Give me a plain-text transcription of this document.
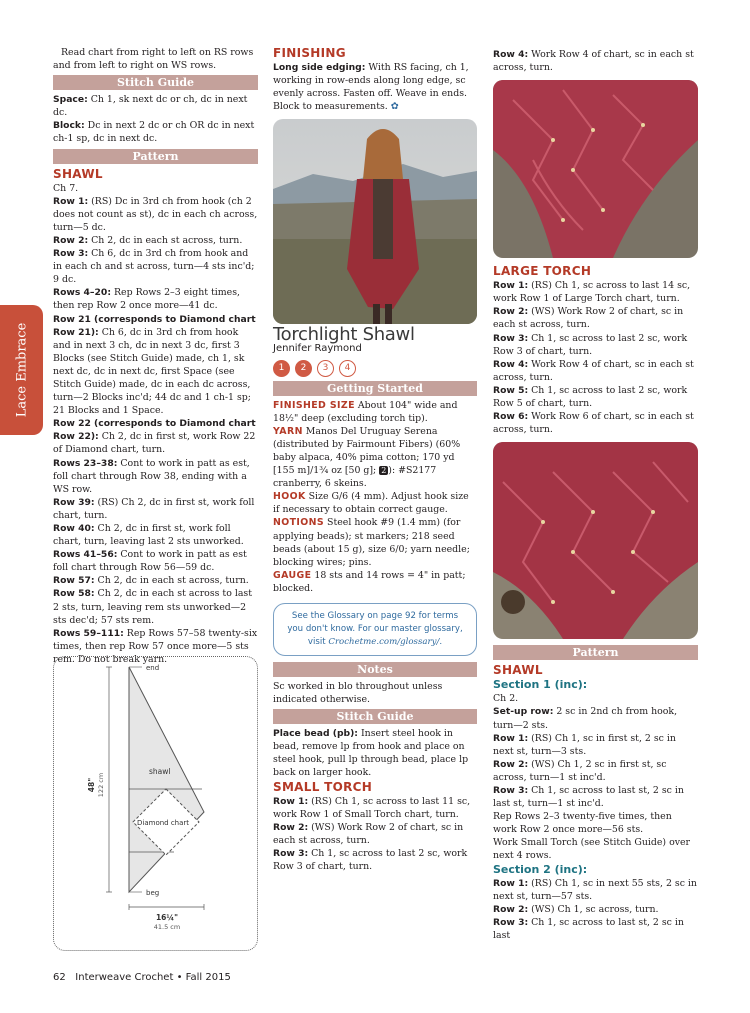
Lace Embrace

Read chart from right to left on RS rows and from left to right on WS rows.

Stitch Guide

Space: Ch 1, sk next dc or ch, dc in next dc.

Block: Dc in next 2 dc or ch OR dc in next ch-1 sp, dc in next dc.

Pattern
SHAWL

Ch 7.

Row 1: (RS) Dc in 3rd ch from hook (ch 2 does not count as st), dc in each ch across, turn—5 dc.

Row 2: Ch 2, dc in each st across, turn.

Row 3: Ch 6, dc in 3rd ch from hook and in each ch and st across, turn—4 sts inc'd; 9 dc.

Rows 4–20: Rep Rows 2–3 eight times, then rep Row 2 once more—41 dc.

Row 21 (corresponds to Diamond chart Row 21): Ch 6, dc in 3rd ch from hook and in next 3 ch, dc in next 3 dc, first 3 Blocks (see Stitch Guide) made, ch 1, sk next dc, dc in next dc, first Space (see Stitch Guide) made, dc in each dc across, turn—2 Blocks inc'd; 44 dc and 1 ch-1 sp; 21 Blocks and 1 Space.

Row 22 (corresponds to Diamond chart Row 22): Ch 2, dc in first st, work Row 22 of Diamond chart, turn.

Rows 23–38: Cont to work in patt as est, foll chart through Row 38, ending with a WS row.

Row 39: (RS) Ch 2, dc in first st, work foll chart, turn.

Row 40: Ch 2, dc in first st, work foll chart, turn, leaving last 2 sts unworked.

Rows 41–56: Cont to work in patt as est foll chart through Row 56—59 dc.

Row 57: Ch 2, dc in each st across, turn.

Row 58: Ch 2, dc in each st across to last 2 sts, turn, leaving rem sts unworked—2 sts dec'd; 57 sts rem.

Rows 59–111: Rep Rows 57–58 twenty-six times, then rep Row 57 once more—5 sts rem. Do not break yarn.

end
shawl
Diamond chart
beg
48" 122 cm
16¼"
41.5 cm
FINISHING

Long side edging: With RS facing, ch 1, working in row-ends along long edge, sc evenly across. Fasten off. Weave in ends. Block to measurements. ✿

Torchlight Shawl
Jennifer Raymond
1 2 3 4
Getting Started

FINISHED SIZE About 104" wide and 18½" deep (excluding torch tip).

YARN Manos Del Uruguay Serena (distributed by Fairmount Fibers) (60% baby alpaca, 40% pima cotton; 170 yd [155 m]/1¾ oz [50 g]; 2 ): #S2177 cranberry, 6 skeins.

HOOK Size G/6 (4 mm). Adjust hook size if necessary to obtain correct gauge.

NOTIONS Steel hook #9 (1.4 mm) (for applying beads); st markers; 218 seed beads (about 15 g), size 6/0; yarn needle; blocking wires; pins.

GAUGE 18 sts and 14 rows = 4" in patt; blocked.

See the Glossary on page 92 for terms
you don't know. For our master glossary,
visit Crochetme.com/glossary/.
Notes

Sc worked in blo throughout unless indicated otherwise.

Stitch Guide

Place bead (pb): Insert steel hook in bead, remove lp from hook and place on steel hook, pull lp through bead, place lp back on larger hook.

SMALL TORCH

Row 1: (RS) Ch 1, sc across to last 11 sc, work Row 1 of Small Torch chart, turn.

Row 2: (WS) Work Row 2 of chart, sc in each st across, turn.

Row 3: Ch 1, sc across to last 2 sc, work Row 3 of chart, turn.

Row 4: Work Row 4 of chart, sc in each st across, turn.

LARGE TORCH

Row 1: (RS) Ch 1, sc across to last 14 sc, work Row 1 of Large Torch chart, turn.

Row 2: (WS) Work Row 2 of chart, sc in each st across, turn.

Row 3: Ch 1, sc across to last 2 sc, work Row 3 of chart, turn.

Row 4: Work Row 4 of chart, sc in each st across, turn.

Row 5: Ch 1, sc across to last 2 sc, work Row 5 of chart, turn.

Row 6: Work Row 6 of chart, sc in each st across, turn.

Pattern
SHAWL
Section 1 (inc):

Ch 2.

Set-up row: 2 sc in 2nd ch from hook, turn—2 sts.

Row 1: (RS) Ch 1, sc in first st, 2 sc in next st, turn—3 sts.

Row 2: (WS) Ch 1, 2 sc in first st, sc across, turn—1 st inc'd.

Row 3: Ch 1, sc across to last st, 2 sc in last st, turn—1 st inc'd.

Rep Rows 2–3 twenty-five times, then work Row 2 once more—56 sts.

Work Small Torch (see Stitch Guide) over next 4 rows.

Section 2 (inc):

Row 1: (RS) Ch 1, sc in next 55 sts, 2 sc in next st, turn—57 sts.

Row 2: (WS) Ch 1, sc across, turn.

Row 3: Ch 1, sc across to last st, 2 sc in last

62 Interweave Crochet • Fall 2015
